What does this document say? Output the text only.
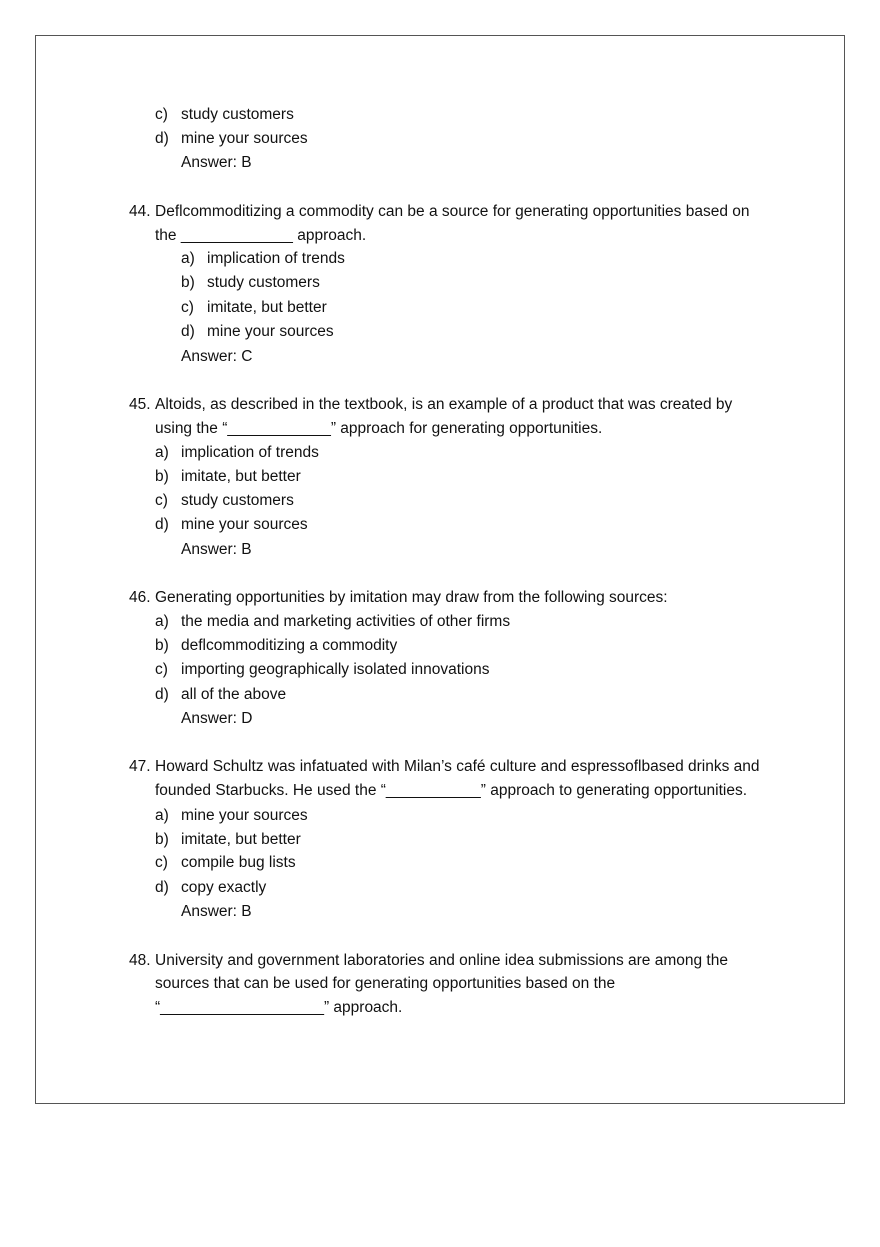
c) study customers
d) mine your sources
Answer: B
44. Deflcommoditizing a commodity can be a source for generating opportunities based on
the _____________ approach.
a) implication of trends
b) study customers
c) imitate, but better
d) mine your sources
Answer: C
45. Altoids, as described in the textbook, is an example of a product that was created by
using the “____________” approach for generating opportunities.
a) implication of trends
b) imitate, but better
c) study customers
d) mine your sources
Answer: B
46. Generating opportunities by imitation may draw from the following sources:
a) the media and marketing activities of other firms
b) deflcommoditizing a commodity
c) importing geographically isolated innovations
d) all of the above
Answer: D
47. Howard Schultz was infatuated with Milan’s café culture and espressoflbased drinks and
founded Starbucks. He used the “___________” approach to generating opportunities.
a) mine your sources
b) imitate, but better
c) compile bug lists
d) copy exactly
Answer: B
48. University and government laboratories and online idea submissions are among the
sources that can be used for generating opportunities based on the
“___________________” approach.
